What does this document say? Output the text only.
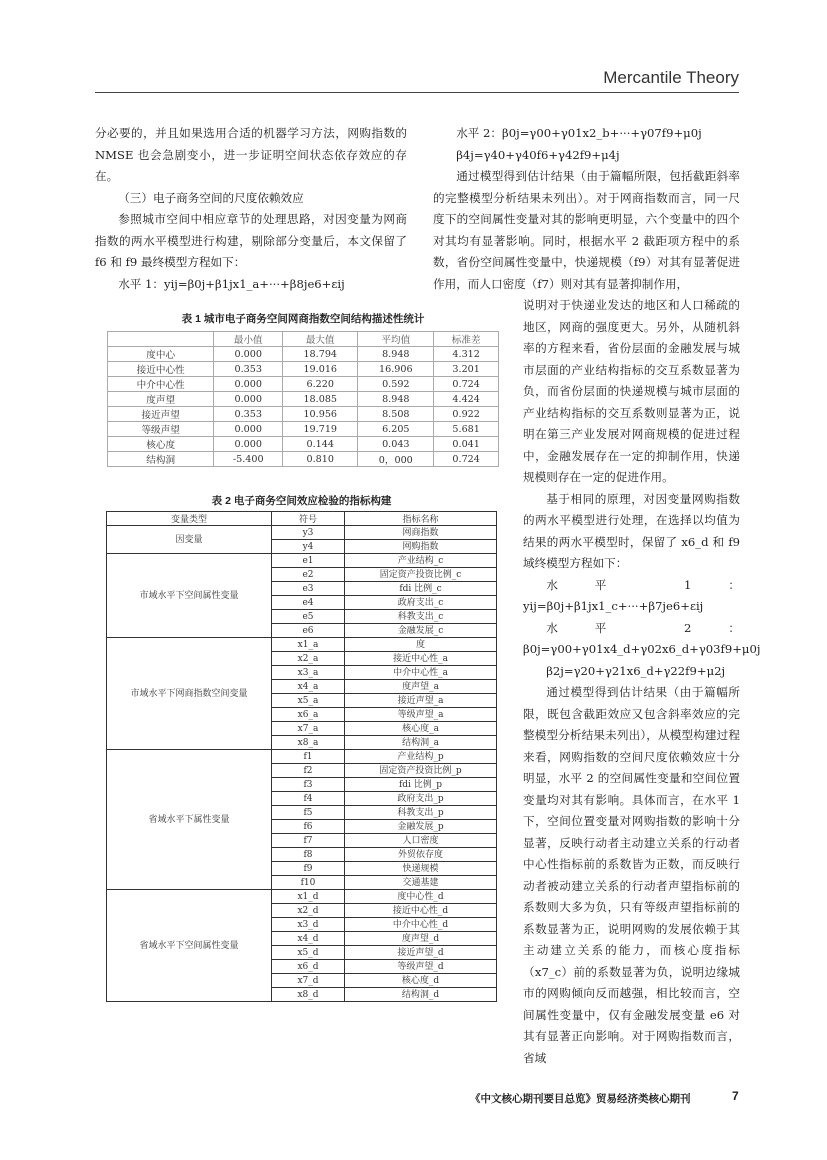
Mercantile Theory

分必要的，并且如果选用合适的机器学习方法，网购指数的 NMSE 也会急剧变小，进一步证明空间状态依存效应的存在。

（三）电子商务空间的尺度依赖效应

参照城市空间中相应章节的处理思路，对因变量为网商指数的两水平模型进行构建，剔除部分变量后，本文保留了 f6 和 f9 最终模型方程如下：

水平 1：yij=β0j+β1jx1_a+···+β8je6+εij

水平 2：β0j=γ00+γ01x2_b+···+γ07f9+μ0j

β4j=γ40+γ40f6+γ42f9+μ4j

通过模型得到估计结果（由于篇幅所限，包括截距斜率的完整模型分析结果未列出）。对于网商指数而言，同一尺度下的空间属性变量对其的影响更明显，六个变量中的四个对其均有显著影响。同时，根据水平 2 截距项方程中的系数，省份空间属性变量中，快递规模（f9）对其有显著促进作用，而人口密度（f7）则对其有显著抑制作用，

说明对于快递业发达的地区和人口稀疏的地区，网商的强度更大。另外，从随机斜率的方程来看，省份层面的金融发展与城市层面的产业结构指标的交互系数显著为负，而省份层面的快递规模与城市层面的产业结构指标的交互系数则显著为正，说明在第三产业发展对网商规模的促进过程中，金融发展存在一定的抑制作用，快递规模则存在一定的促进作用。

基于相同的原理，对因变量网购指数的两水平模型进行处理，在选择以均值为结果的两水平模型时，保留了 x6_d 和 f9 域终模型方程如下：

水平 1：yij=β0j+β1jx1_c+···+β7je6+εij

水平 2：β0j=γ00+γ01x4_d+γ02x6_d+γ03f9+μ0j

β2j=γ20+γ21x6_d+γ22f9+μ2j

通过模型得到估计结果（由于篇幅所限，既包含截距效应又包含斜率效应的完整模型分析结果未列出），从模型构建过程来看，网购指数的空间尺度依赖效应十分明显，水平 2 的空间属性变量和空间位置变量均对其有影响。具体而言，在水平 1 下，空间位置变量对网购指数的影响十分显著，反映行动者主动建立关系的行动者中心性指标前的系数皆为正数，而反映行动者被动建立关系的行动者声望指标前的系数则大多为负，只有等级声望指标前的系数显著为正，说明网购的发展依赖于其主动建立关系的能力，而核心度指标（x7_c）前的系数显著为负，说明边缘城市的网购倾向反而越强，相比较而言，空间属性变量中，仅有金融发展变量 e6 对其有显著正向影响。对于网购指数而言，省域

表 1 城市电子商务空间网商指数空间结构描述性统计
	最小值	最大值	平均值	标准差
度中心	0.000	18.794	8.948	4.312
接近中心性	0.353	19.016	16.906	3.201
中介中心性	0.000	6.220	0.592	0.724
度声望	0.000	18.085	8.948	4.424
接近声望	0.353	10.956	8.508	0.922
等级声望	0.000	19.719	6.205	5.681
核心度	0.000	0.144	0.043	0.041
结构洞	-5.400	0.810	0，000	0.724
表 2 电子商务空间效应检验的指标构建
变量类型	符号	指标名称
因变量	y3	网商指数
	y4	网购指数
市域水平下空间属性变量	e1	产业结构_c
	e2	固定资产投资比例_c
	e3	fdi 比例_c
	e4	政府支出_c
	e5	科教支出_c
	e6	金融发展_c
市域水平下网商指数空间变量	x1_a	度
	x2_a	接近中心性_a
	x3_a	中介中心性_a
	x4_a	度声望_a
	x5_a	接近声望_a
	x6_a	等级声望_a
	x7_a	核心度_a
	x8_a	结构洞_a
省域水平下属性变量	f1	产业结构_p
	f2	固定资产投资比例_p
	f3	fdi 比例_p
	f4	政府支出_p
	f5	科教支出_p
	f6	金融发展_p
	f7	人口密度
	f8	外贸依存度
	f9	快递规模
	f10	交通基建
省域水平下空间属性变量	x1_d	度中心性_d
	x2_d	接近中心性_d
	x3_d	中介中心性_d
	x4_d	度声望_d
	x5_d	接近声望_d
	x6_d	等级声望_d
	x7_d	核心度_d
	x8_d	结构洞_d
《中文核心期刊要目总览》贸易经济类核心期刊	7
